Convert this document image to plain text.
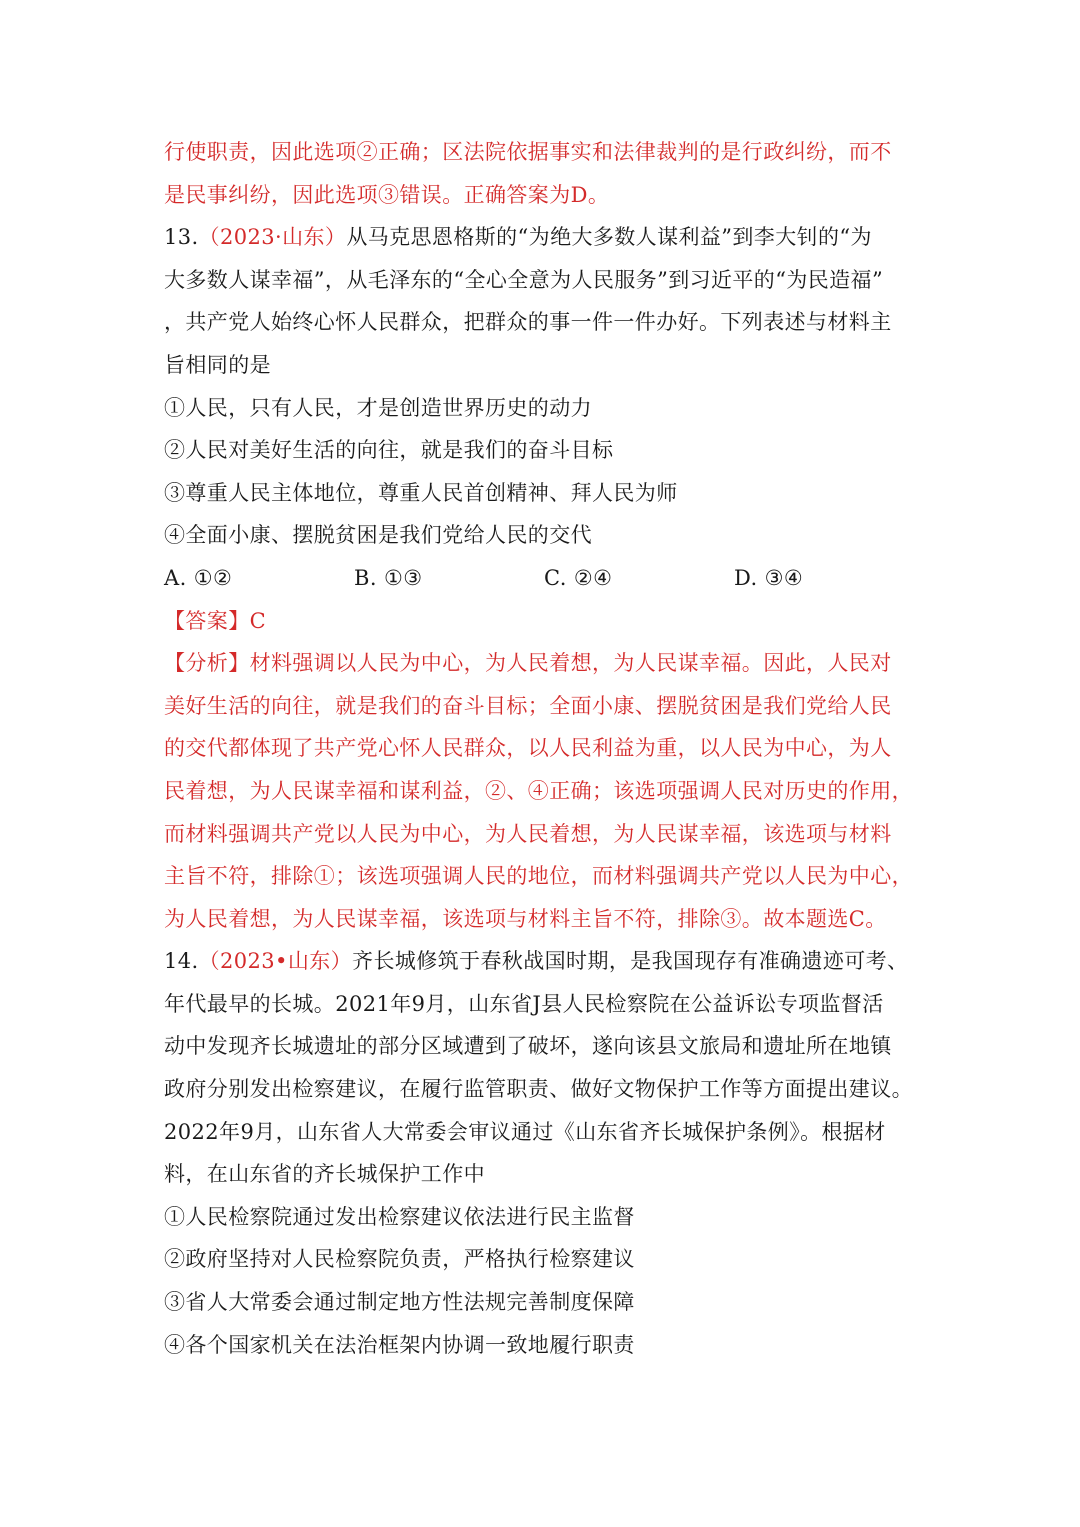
行使职责，因此选项②正确；区法院依据事实和法律裁判的是行政纠纷，而不
是民事纠纷，因此选项③错误。正确答案为D。
13.（2023·山东）从马克思恩格斯的“为绝大多数人谋利益”到李大钊的“为
大多数人谋幸福”，从毛泽东的“全心全意为人民服务”到习近平的“为民造福”
，共产党人始终心怀人民群众，把群众的事一件一件办好。下列表述与材料主
旨相同的是
①人民，只有人民，才是创造世界历史的动力
②人民对美好生活的向往，就是我们的奋斗目标
③尊重人民主体地位，尊重人民首创精神、拜人民为师
④全面小康、摆脱贫困是我们党给人民的交代
A. ①②	B. ①③	C. ②④	D. ③④
【答案】C
【分析】材料强调以人民为中心，为人民着想，为人民谋幸福。因此，人民对
美好生活的向往，就是我们的奋斗目标；全面小康、摆脱贫困是我们党给人民
的交代都体现了共产党心怀人民群众，以人民利益为重，以人民为中心，为人
民着想，为人民谋幸福和谋利益，②、④正确；该选项强调人民对历史的作用，
而材料强调共产党以人民为中心，为人民着想，为人民谋幸福，该选项与材料
主旨不符，排除①；该选项强调人民的地位，而材料强调共产党以人民为中心，
为人民着想，为人民谋幸福，该选项与材料主旨不符，排除③。故本题选C。
14.（2023•山东）齐长城修筑于春秋战国时期，是我国现存有准确遗迹可考、
年代最早的长城。2021年9月，山东省J县人民检察院在公益诉讼专项监督活
动中发现齐长城遗址的部分区域遭到了破坏，遂向该县文旅局和遗址所在地镇
政府分别发出检察建议，在履行监管职责、做好文物保护工作等方面提出建议。
2022年9月，山东省人大常委会审议通过《山东省齐长城保护条例》。根据材
料，在山东省的齐长城保护工作中
①人民检察院通过发出检察建议依法进行民主监督
②政府坚持对人民检察院负责，严格执行检察建议
③省人大常委会通过制定地方性法规完善制度保障
④各个国家机关在法治框架内协调一致地履行职责
